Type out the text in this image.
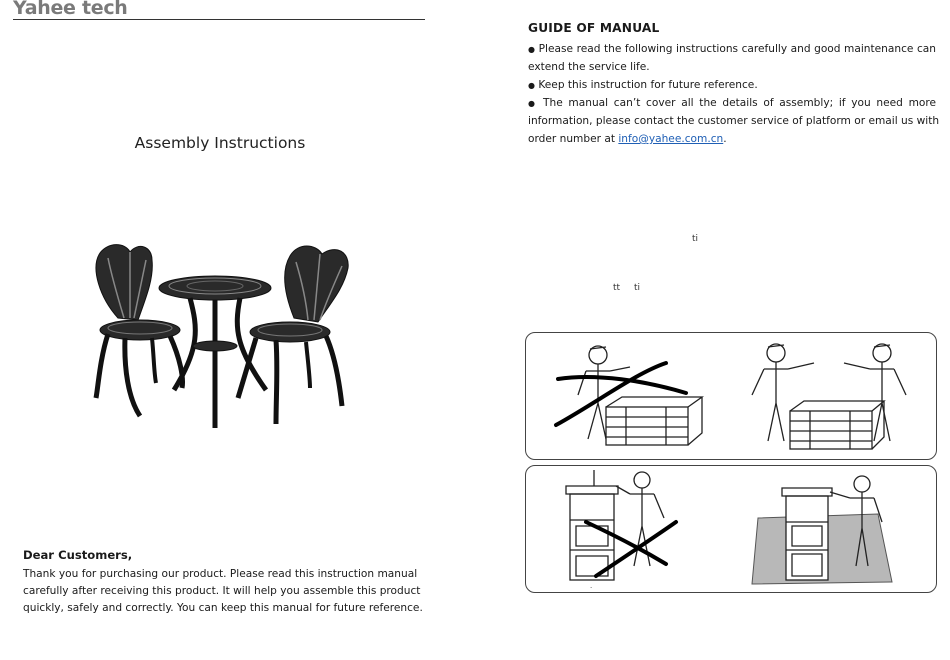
Yahee tech
Assembly Instructions
Dear Customers,
Thank you for purchasing our product. Please read this instruction manual
carefully after receiving this product. It will help you assemble this product
quickly, safely and correctly. You can keep this manual for future reference.
GUIDE OF MANUAL
● Please read the following instructions carefully and good maintenance can
extend the service life.
● Keep this instruction for future reference.
● The manual can’t cover all the details of assembly; if you need more
information, please contact the customer service of platform or email us with
order number at info@yahee.com.cn.
ti
tt ti
.
